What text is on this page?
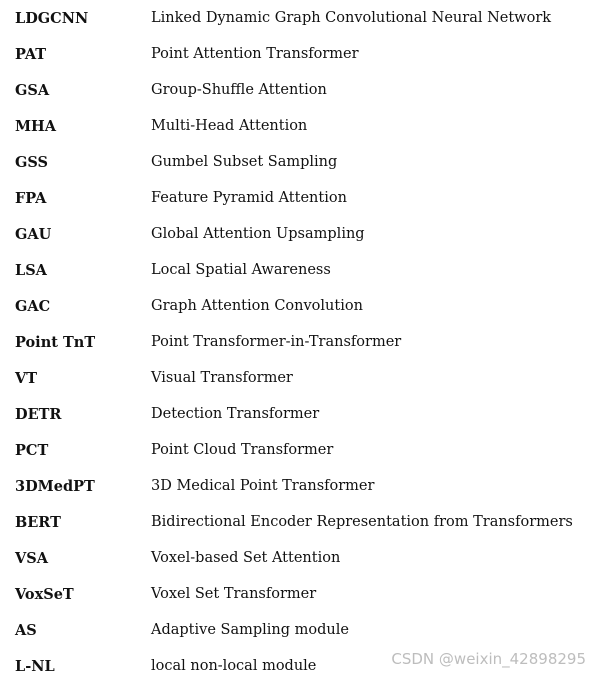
LDGCNN	Linked Dynamic Graph Convolutional Neural Network
PAT	Point Attention Transformer
GSA	Group-Shuffle Attention
MHA	Multi-Head Attention
GSS	Gumbel Subset Sampling
FPA	Feature Pyramid Attention
GAU	Global Attention Upsampling
LSA	Local Spatial Awareness
GAC	Graph Attention Convolution
Point TnT	Point Transformer-in-Transformer
VT	Visual Transformer
DETR	Detection Transformer
PCT	Point Cloud Transformer
3DMedPT	3D Medical Point Transformer
BERT	Bidirectional Encoder Representation from Transformers
VSA	Voxel-based Set Attention
VoxSeT	Voxel Set Transformer
AS	Adaptive Sampling module
L-NL	local non-local module	CSDN @weixin_42898295
